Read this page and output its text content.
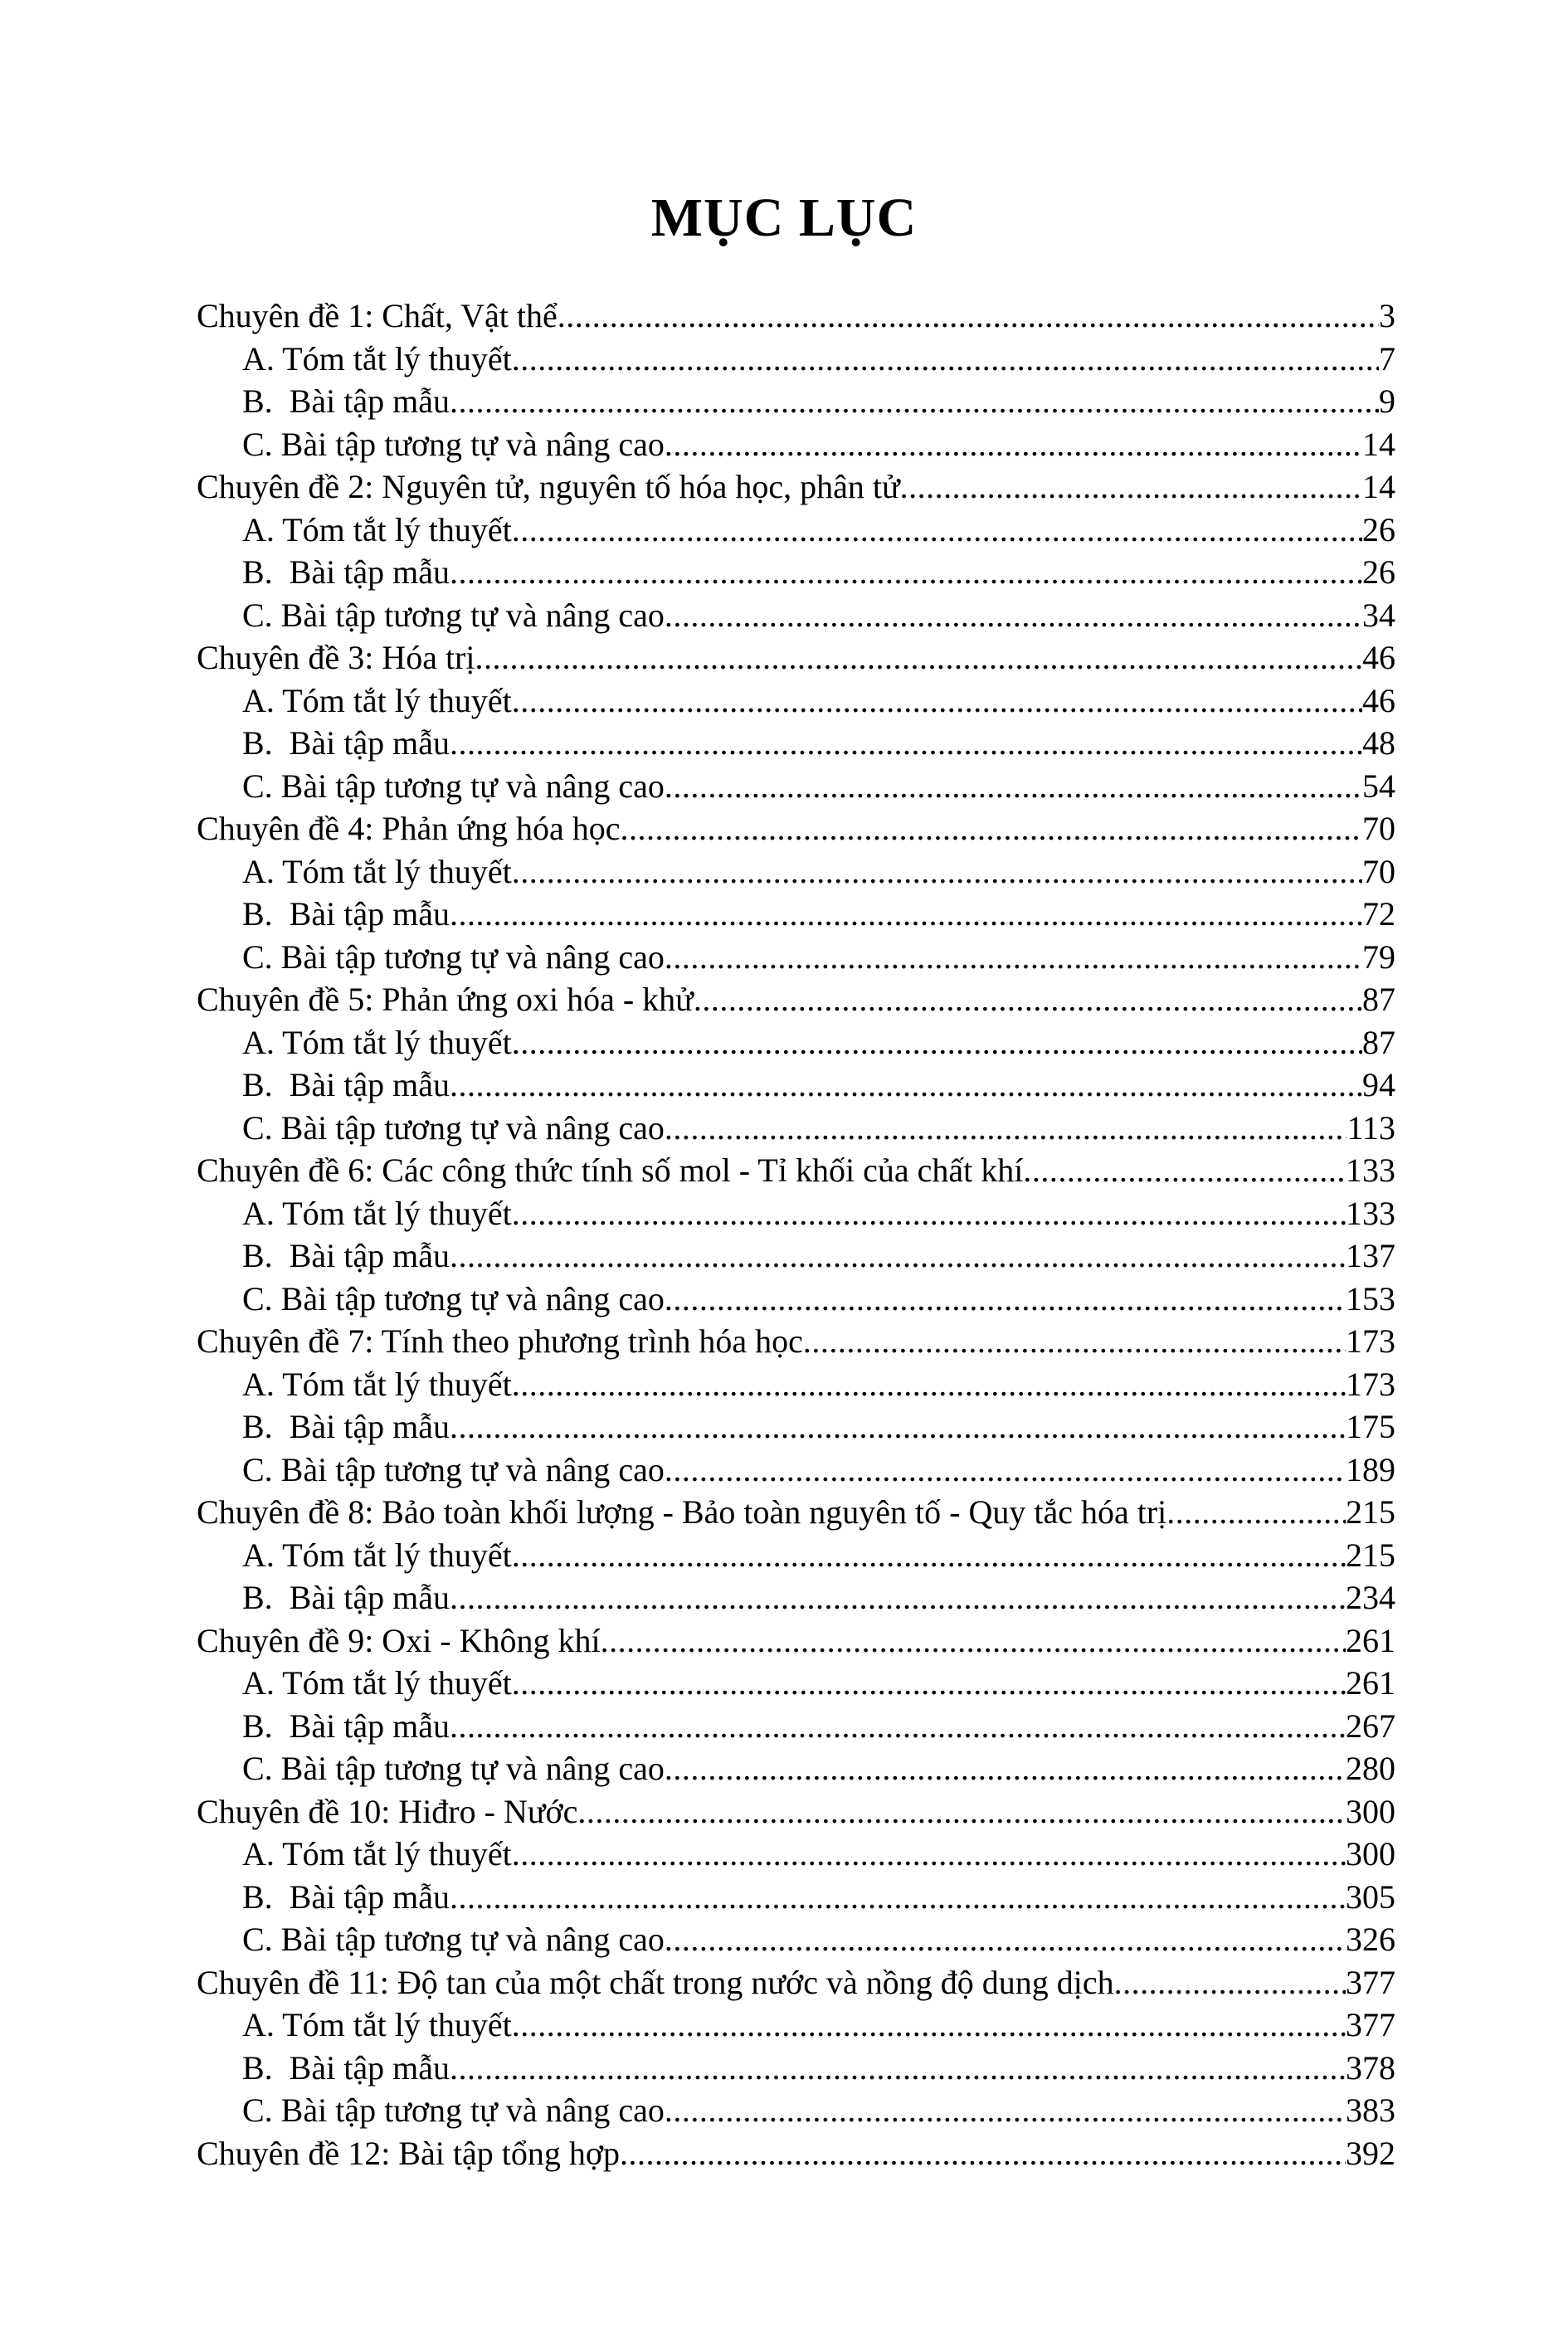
MỤC LỤC
Chuyên đề 1: Chất, Vật thể .....	3
A. Tóm tắt lý thuyết .....	7
B.  Bài tập mẫu .....	9
C. Bài tập tương tự và nâng cao .....	14
Chuyên đề 2: Nguyên tử, nguyên tố hóa học, phân tử .....	14
A. Tóm tắt lý thuyết .....	26
B.  Bài tập mẫu .....	26
C. Bài tập tương tự và nâng cao .....	34
Chuyên đề 3: Hóa trị .....	46
A. Tóm tắt lý thuyết .....	46
B.  Bài tập mẫu .....	48
C. Bài tập tương tự và nâng cao .....	54
Chuyên đề 4: Phản ứng hóa học .....	70
A. Tóm tắt lý thuyết .....	70
B.  Bài tập mẫu .....	72
C. Bài tập tương tự và nâng cao .....	79
Chuyên đề 5: Phản ứng oxi hóa - khử .....	87
A. Tóm tắt lý thuyết .....	87
B.  Bài tập mẫu .....	94
C. Bài tập tương tự và nâng cao .....	113
Chuyên đề 6: Các công thức tính số mol - Tỉ khối của chất khí .....	133
A. Tóm tắt lý thuyết .....	133
B.  Bài tập mẫu .....	137
C. Bài tập tương tự và nâng cao .....	153
Chuyên đề 7: Tính theo phương trình hóa học .....	173
A. Tóm tắt lý thuyết .....	173
B.  Bài tập mẫu .....	175
C. Bài tập tương tự và nâng cao .....	189
Chuyên đề 8: Bảo toàn khối lượng - Bảo toàn nguyên tố - Quy tắc hóa trị .....	215
A. Tóm tắt lý thuyết .....	215
B.  Bài tập mẫu .....	234
Chuyên đề 9: Oxi - Không khí .....	261
A. Tóm tắt lý thuyết .....	261
B.  Bài tập mẫu .....	267
C. Bài tập tương tự và nâng cao .....	280
Chuyên đề 10: Hiđro - Nước .....	300
A. Tóm tắt lý thuyết .....	300
B.  Bài tập mẫu .....	305
C. Bài tập tương tự và nâng cao .....	326
Chuyên đề 11: Độ tan của một chất trong nước và nồng độ dung dịch .....	377
A. Tóm tắt lý thuyết .....	377
B.  Bài tập mẫu .....	378
C. Bài tập tương tự và nâng cao .....	383
Chuyên đề 12: Bài tập tổng hợp .....	392
